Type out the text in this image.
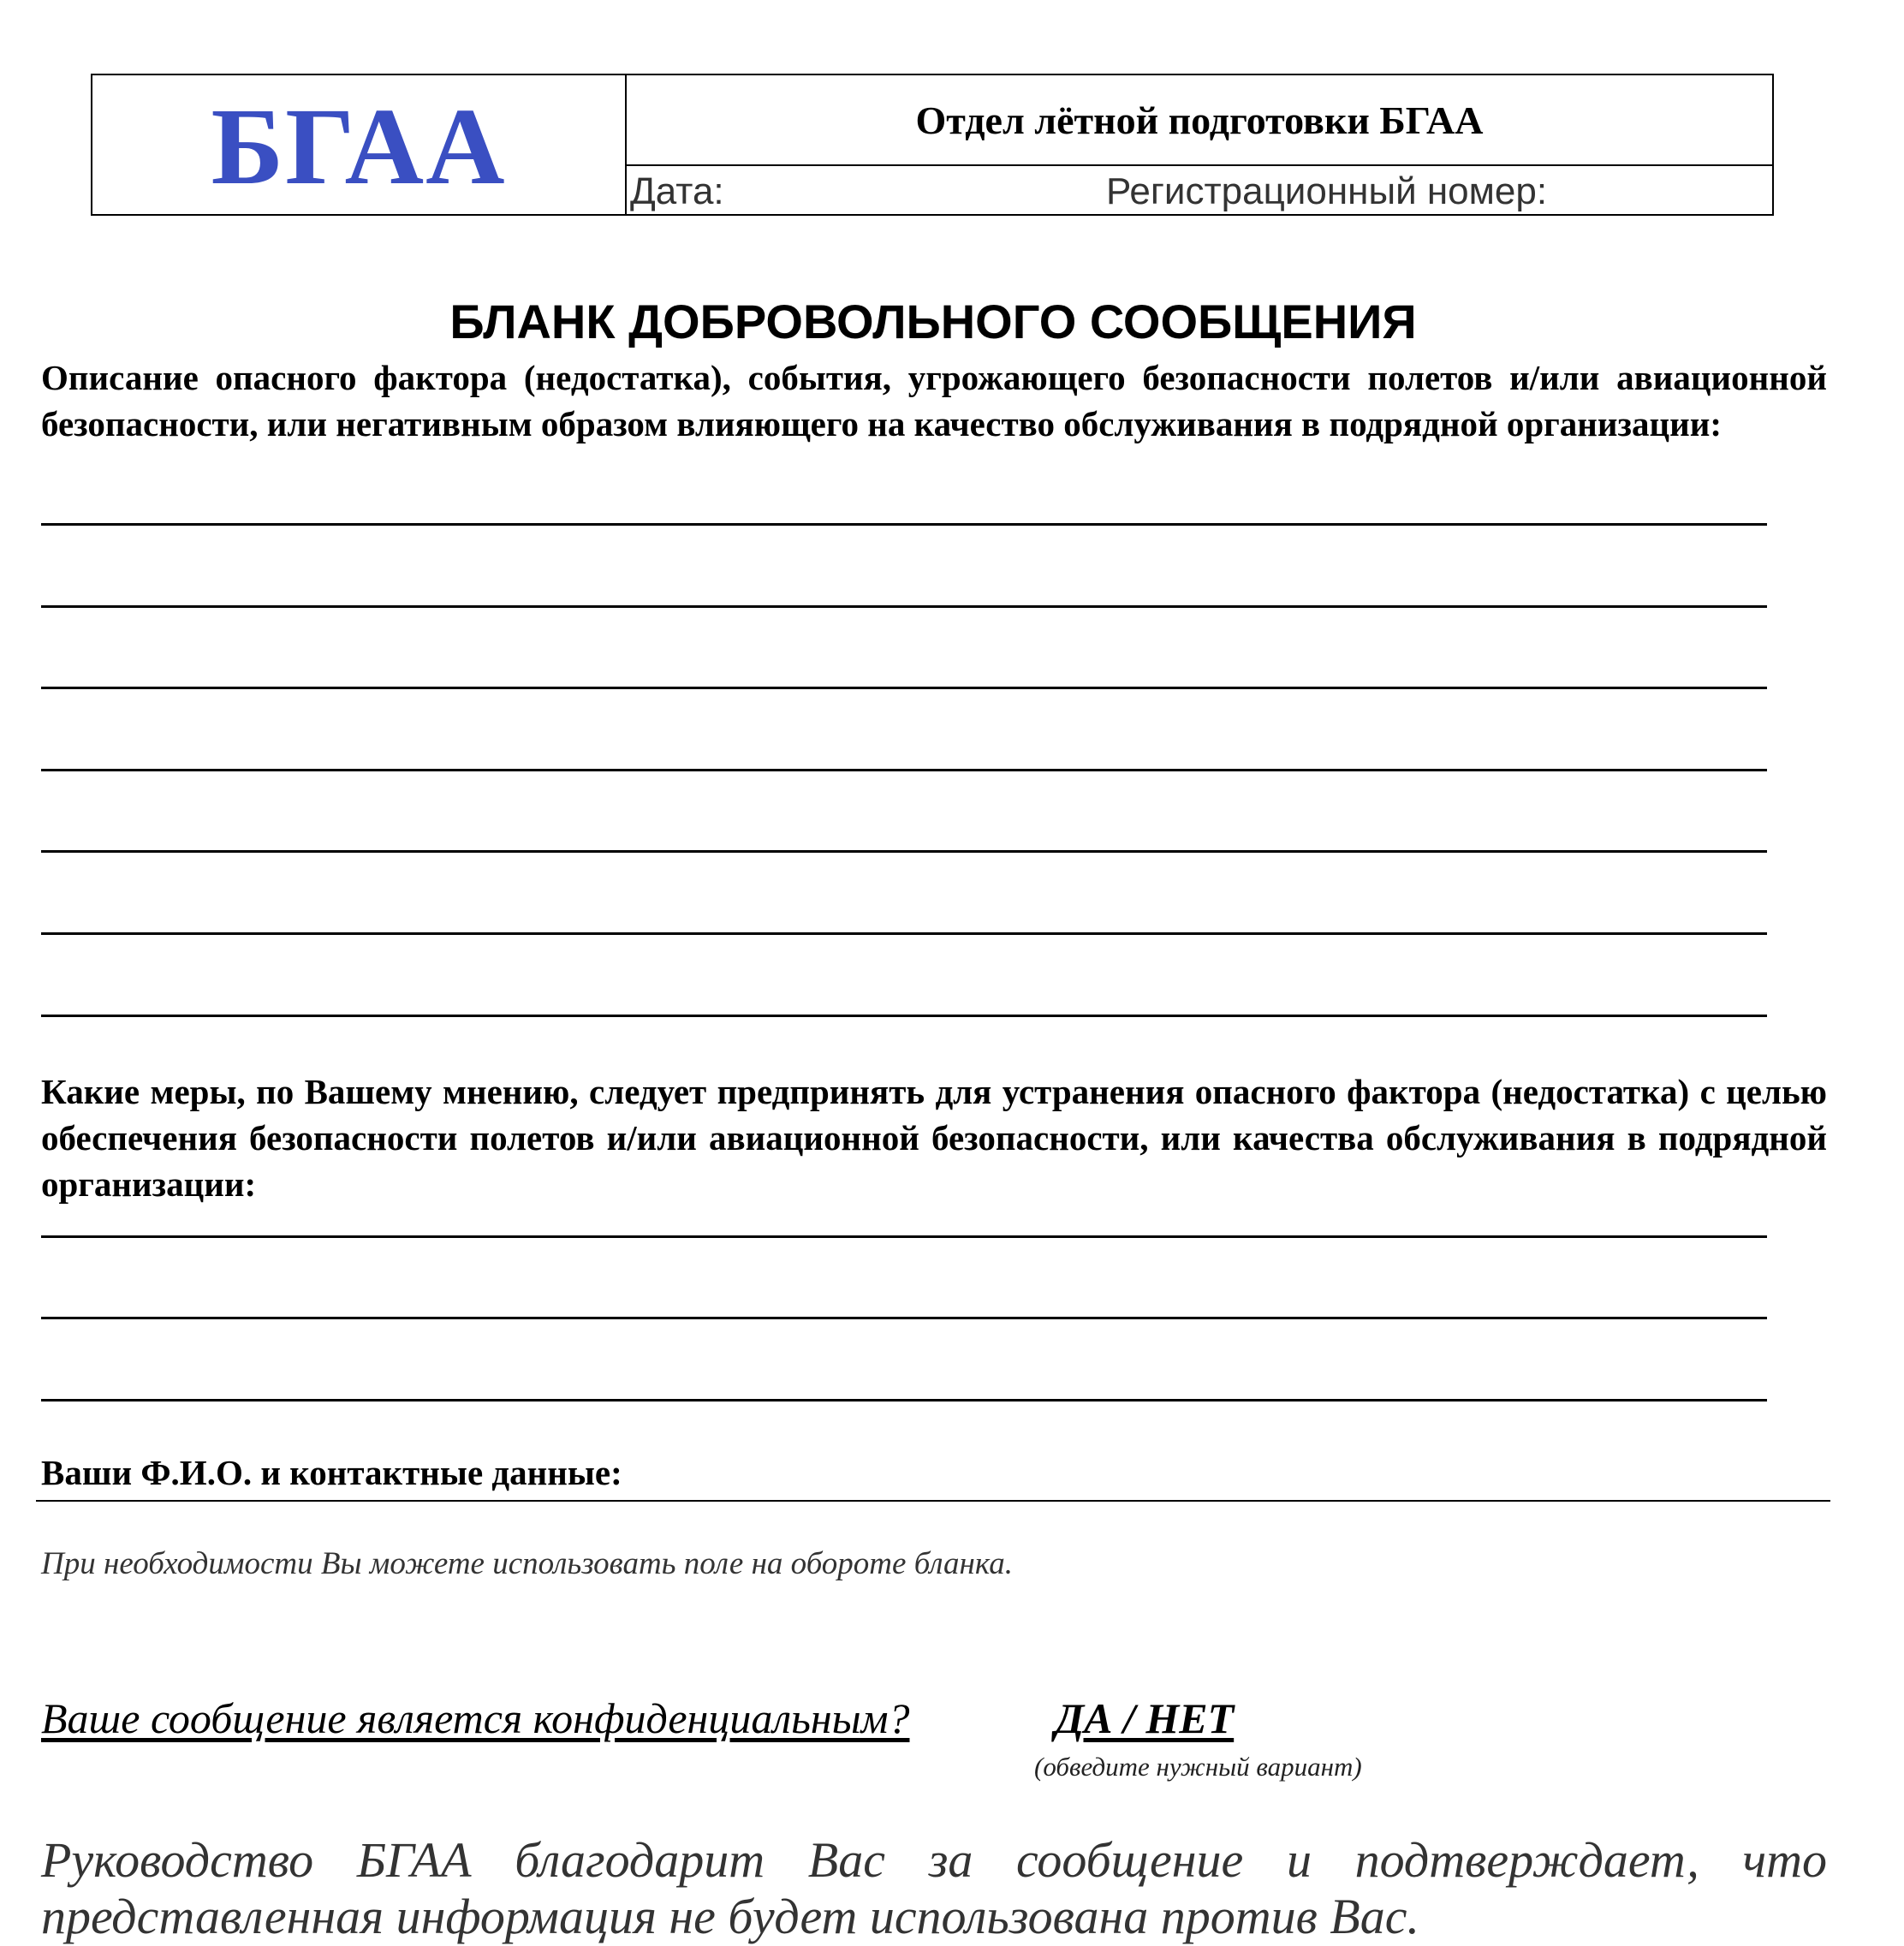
БГАА	Отдел лётной подготовки БГАА
Дата:	Регистрационный номер:
БЛАНК ДОБРОВОЛЬНОГО СООБЩЕНИЯ
Описание опасного фактора (недостатка), события, угрожающего безопасности полетов и/или авиационной безопасности, или негативным образом влияющего на качество обслуживания в подрядной организации:
Какие меры, по Вашему мнению, следует предпринять для устранения опасного фактора (недостатка) с целью обеспечения безопасности полетов и/или авиационной безопасности, или качества обслуживания в подрядной организации:
Ваши Ф.И.О. и контактные данные:
При необходимости Вы можете использовать поле на обороте бланка.
Ваше сообщение является конфиденциальным?	ДА / НЕТ
(обведите нужный вариант)
Руководство БГАА благодарит Вас за сообщение и подтверждает, что представленная информация не будет использована против Вас.
